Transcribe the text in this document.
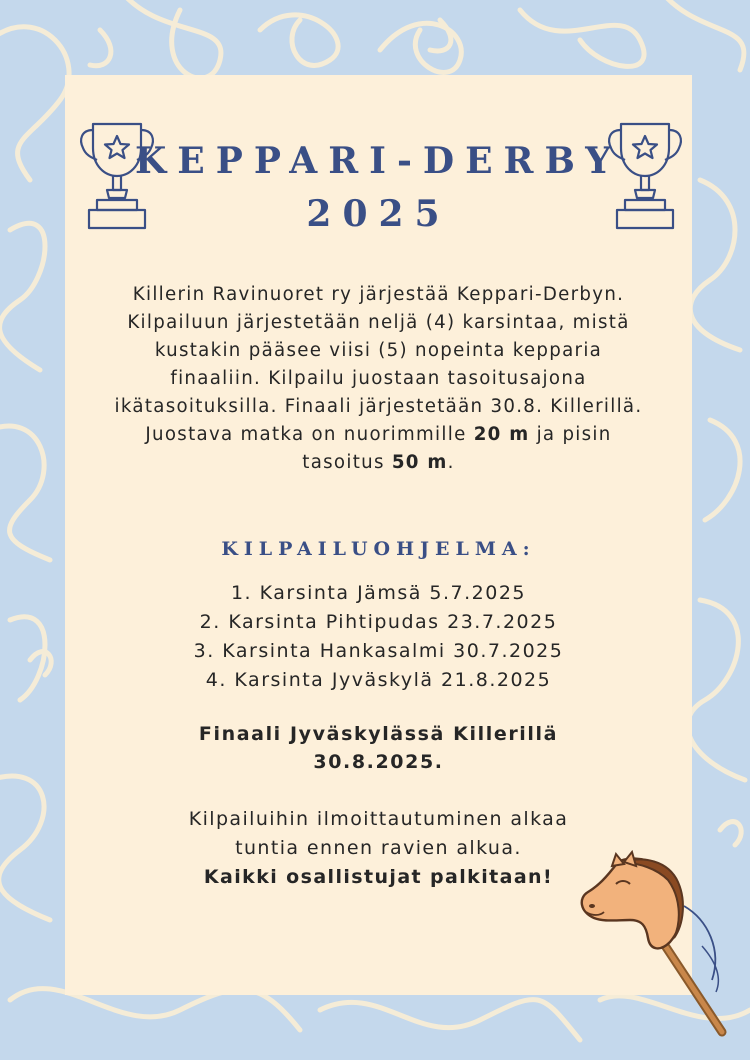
KEPPARI-DERBY
2025

Killerin Ravinuoret ry järjestää Keppari-Derbyn. Kilpailuun järjestetään neljä (4) karsintaa, mistä kustakin pääsee viisi (5) nopeinta kepparia finaaliin. Kilpailu juostaan tasoitusajona ikätasoituksilla. Finaali järjestetään 30.8. Killerillä. Juostava matka on nuorimmille 20 m ja pisin tasoitus 50 m.

KILPAILUOHJELMA:
1. Karsinta Jämsä 5.7.2025
2. Karsinta Pihtipudas 23.7.2025
3. Karsinta Hankasalmi 30.7.2025
4. Karsinta Jyväskylä 21.8.2025

Finaali Jyväskylässä Killerillä
30.8.2025.

Kilpailuihin ilmoittautuminen alkaa
tuntia ennen ravien alkua.
Kaikki osallistujat palkitaan!
